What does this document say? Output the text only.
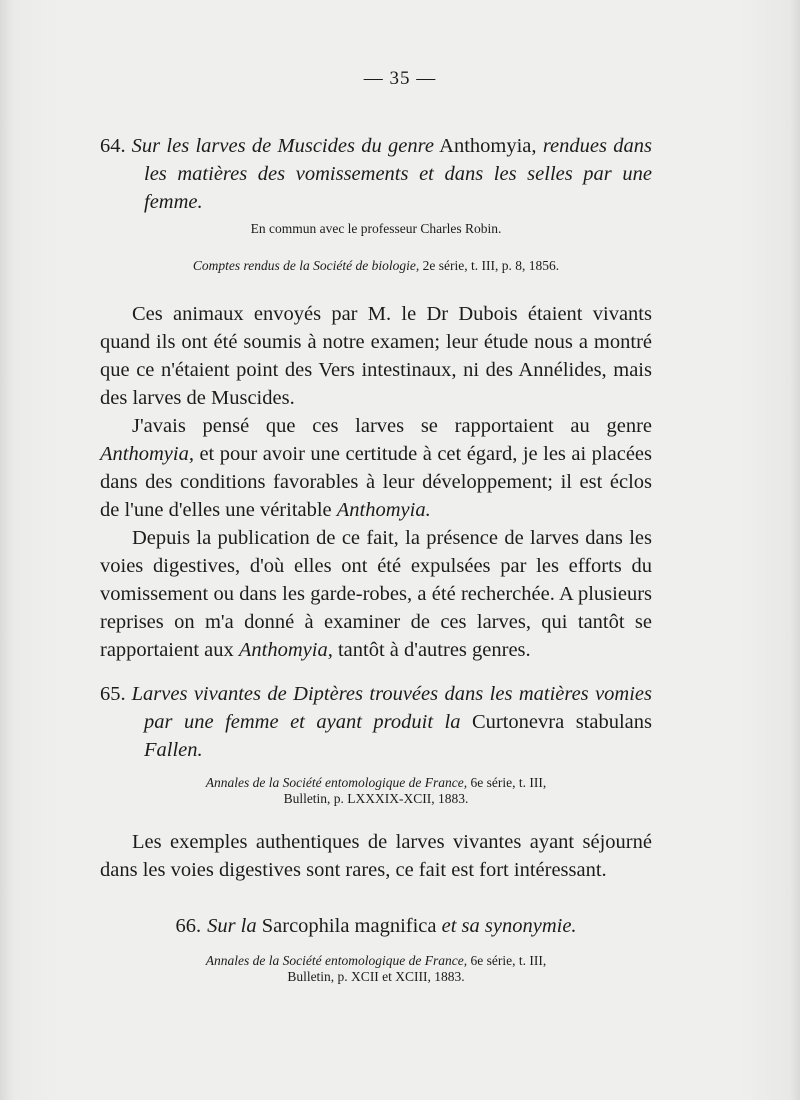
— 35 —

64. Sur les larves de Muscides du genre Anthomyia, rendues dans les matières des vomissements et dans les selles par une femme.

En commun avec le professeur Charles Robin.

Comptes rendus de la Société de biologie, 2e série, t. III, p. 8, 1856.

Ces animaux envoyés par M. le Dr Dubois étaient vivants quand ils ont été soumis à notre examen; leur étude nous a montré que ce n'étaient point des Vers intestinaux, ni des Annélides, mais des larves de Muscides.

J'avais pensé que ces larves se rapportaient au genre Anthomyia, et pour avoir une certitude à cet égard, je les ai placées dans des conditions favorables à leur développement; il est éclos de l'une d'elles une véritable Anthomyia.

Depuis la publication de ce fait, la présence de larves dans les voies digestives, d'où elles ont été expulsées par les efforts du vomissement ou dans les garde-robes, a été recherchée. A plusieurs reprises on m'a donné à examiner de ces larves, qui tantôt se rapportaient aux Anthomyia, tantôt à d'autres genres.

65. Larves vivantes de Diptères trouvées dans les matières vomies par une femme et ayant produit la Curtonevra stabulans Fallen.

Annales de la Société entomologique de France, 6e série, t. III,

Bulletin, p. LXXXIX-XCII, 1883.

Les exemples authentiques de larves vivantes ayant séjourné dans les voies digestives sont rares, ce fait est fort intéressant.

66. Sur la Sarcophila magnifica et sa synonymie.

Annales de la Société entomologique de France, 6e série, t. III,

Bulletin, p. XCII et XCIII, 1883.
